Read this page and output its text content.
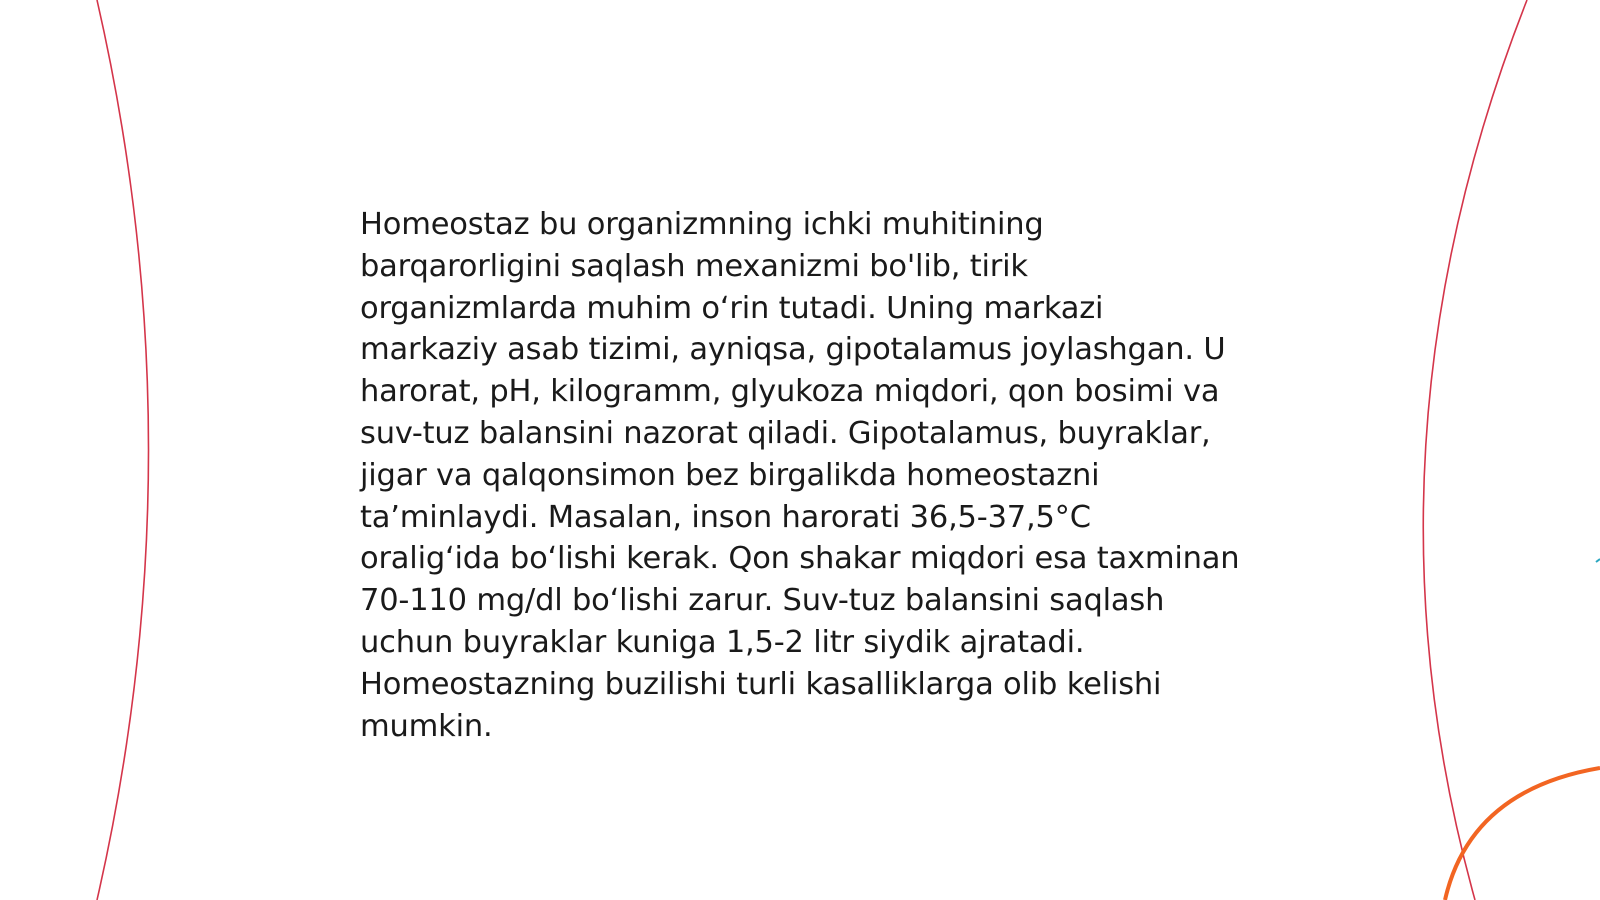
Homeostaz bu organizmning ichki muhitining barqarorligini saqlash mexanizmi bo'lib, tirik organizmlarda muhim o‘rin tutadi. Uning markazi markaziy asab tizimi, ayniqsa, gipotalamus joylashgan. U harorat, pH, kilogramm, glyukoza miqdori, qon bosimi va suv-tuz balansini nazorat qiladi. Gipotalamus, buyraklar, jigar va qalqonsimon bez birgalikda homeostazni ta’minlaydi. Masalan, inson harorati 36,5-37,5°C oralig‘ida bo‘lishi kerak. Qon shakar miqdori esa taxminan 70-110 mg/dl bo‘lishi zarur. Suv-tuz balansini saqlash uchun buyraklar kuniga 1,5-2 litr siydik ajratadi. Homeostazning buzilishi turli kasalliklarga olib kelishi mumkin.
